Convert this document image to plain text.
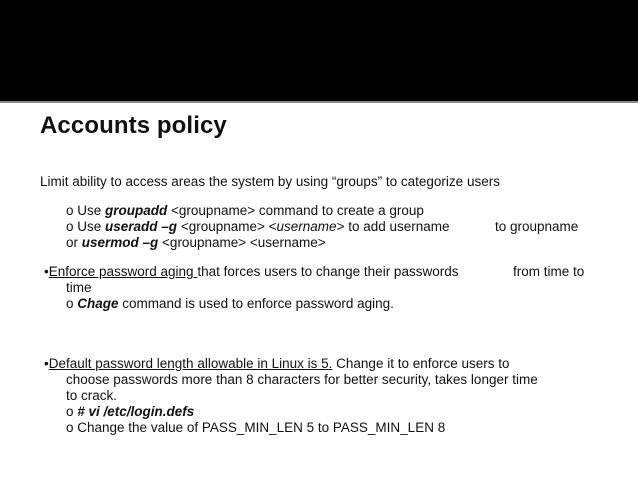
Accounts policy
Limit ability to access areas the system by using “groups” to categorize users
o Use groupadd <groupname> command to create a group
o Use useradd –g <groupname> <username> to add username	to groupname
or usermod –g <groupname> <username>
•Enforce password aging that forces users to change their passwords	from time to
time
o Chage command is used to enforce password aging.
•Default password length allowable in Linux is 5. Change it to enforce users to
choose passwords more than 8 characters for better security, takes longer time
to crack.
o # vi /etc/login.defs
o Change the value of PASS_MIN_LEN 5 to PASS_MIN_LEN 8
